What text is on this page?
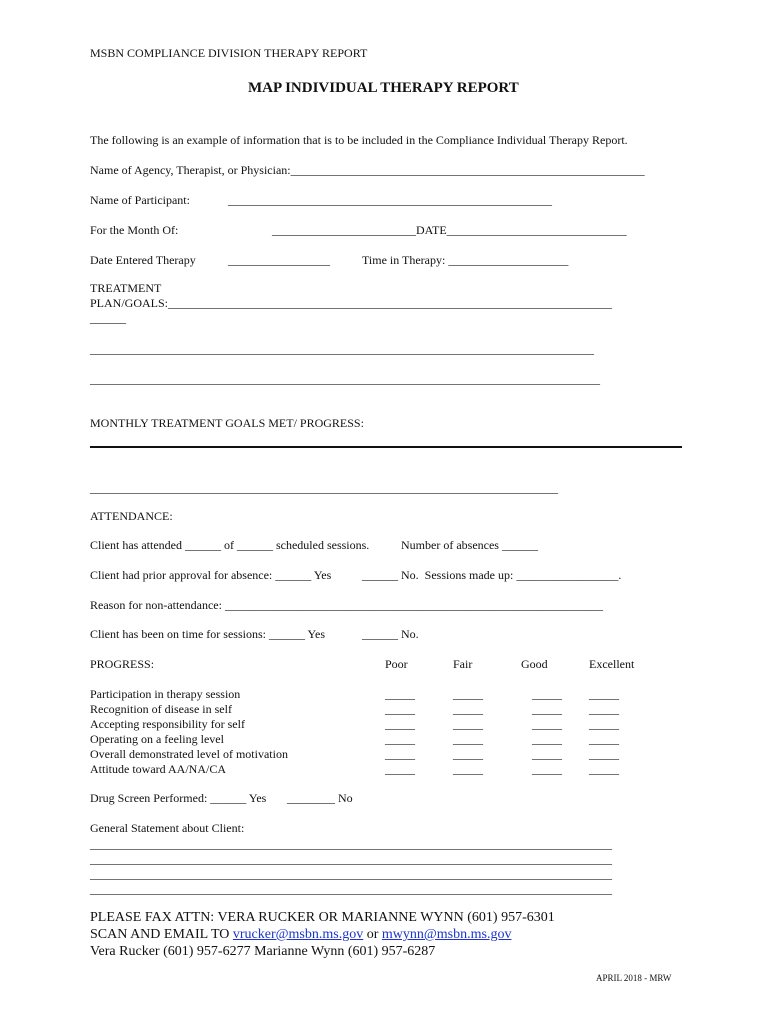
MSBN COMPLIANCE DIVISION THERAPY REPORT
MAP INDIVIDUAL THERAPY REPORT
The following is an example of information that is to be included in the Compliance Individual Therapy Report.
Name of Agency, Therapist, or Physician:___________________________________________________________
Name of Participant:	______________________________________________________
For the Month Of:	________________________DATE______________________________
Date Entered Therapy	_________________	Time in Therapy: ____________________
TREATMENT
PLAN/GOALS:__________________________________________________________________________
______
____________________________________________________________________________________
_____________________________________________________________________________________
MONTHLY TREATMENT GOALS MET/ PROGRESS:
______________________________________________________________________________
ATTENDANCE:
Client has attended ______ of ______ scheduled sessions.	Number of absences ______
Client had prior approval for absence: ______ Yes	______ No.  Sessions made up: _________________.
Reason for non-attendance: _______________________________________________________________
Client has been on time for sessions: ______ Yes	______ No.
PROGRESS:	Poor	Fair	Good	Excellent
Participation in therapy session	_____	_____	_____ _____
Recognition of disease in self	_____	_____	_____ _____
Accepting responsibility for self	_____	_____	_____ _____
Operating on a feeling level	_____	_____	_____ _____
Overall demonstrated level of motivation	_____	_____	_____ _____
Attitude toward AA/NA/CA	_____	_____	_____ _____
Drug Screen Performed: ______ Yes ________ No
General Statement about Client:
_______________________________________________________________________________________
_______________________________________________________________________________________
_______________________________________________________________________________________
_______________________________________________________________________________________
PLEASE FAX ATTN: VERA RUCKER OR MARIANNE WYNN (601) 957-6301
SCAN AND EMAIL TO vrucker@msbn.ms.gov or mwynn@msbn.ms.gov
Vera Rucker (601) 957-6277 Marianne Wynn (601) 957-6287
APRIL 2018 - MRW
